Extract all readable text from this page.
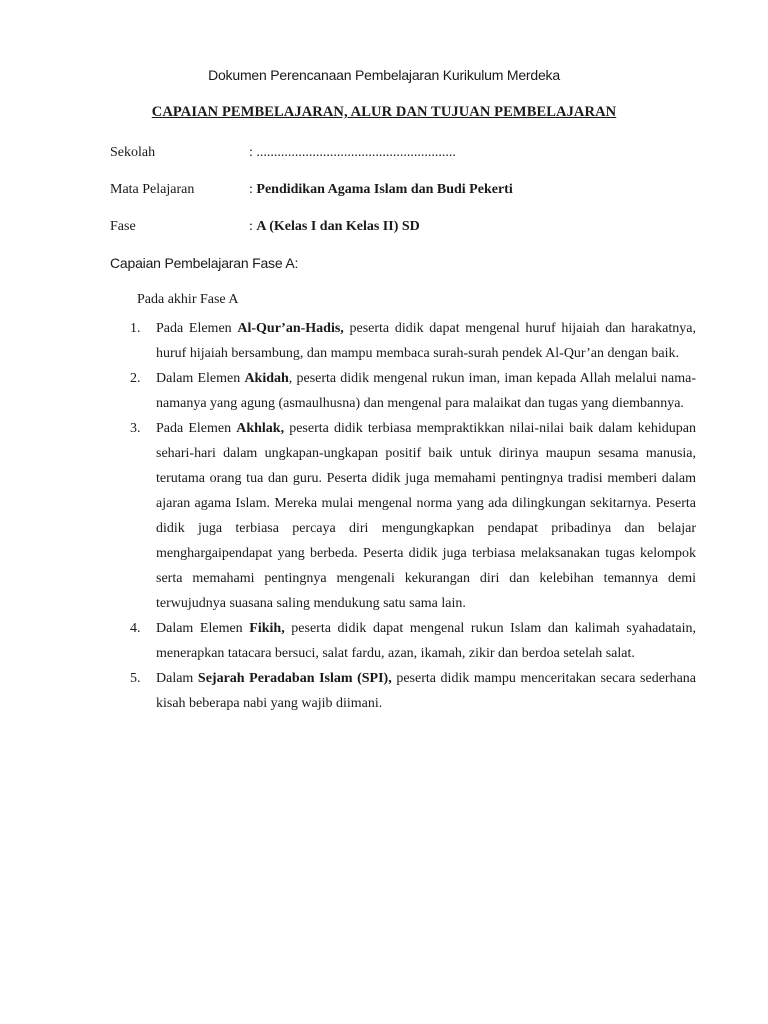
Dokumen Perencanaan Pembelajaran Kurikulum Merdeka
CAPAIAN PEMBELAJARAN, ALUR DAN TUJUAN PEMBELAJARAN
Sekolah	: .........................................................
Mata Pelajaran	: Pendidikan Agama Islam dan Budi Pekerti
Fase	: A (Kelas I dan Kelas II) SD
Capaian Pembelajaran Fase A:
Pada akhir Fase A
1. Pada Elemen Al-Qur’an-Hadis, peserta didik dapat mengenal huruf hijaiah dan harakatnya, huruf hijaiah bersambung, dan mampu membaca surah-surah pendek Al-Qur’an dengan baik.
2. Dalam Elemen Akidah, peserta didik mengenal rukun iman, iman kepada Allah melalui nama-namanya yang agung (asmaulhusna) dan mengenal para malaikat dan tugas yang diembannya.
3. Pada Elemen Akhlak, peserta didik terbiasa mempraktikkan nilai-nilai baik dalam kehidupan sehari-hari dalam ungkapan-ungkapan positif baik untuk dirinya maupun sesama manusia, terutama orang tua dan guru. Peserta didik juga memahami pentingnya tradisi memberi dalam ajaran agama Islam. Mereka mulai mengenal norma yang ada dilingkungan sekitarnya. Peserta didik juga terbiasa percaya diri mengungkapkan pendapat pribadinya dan belajar menghargaipendapat yang berbeda. Peserta didik juga terbiasa melaksanakan tugas kelompok serta memahami pentingnya mengenali kekurangan diri dan kelebihan temannya demi terwujudnya suasana saling mendukung satu sama lain.
4. Dalam Elemen Fikih, peserta didik dapat mengenal rukun Islam dan kalimah syahadatain, menerapkan tatacara bersuci, salat fardu, azan, ikamah, zikir dan berdoa setelah salat.
5. Dalam Sejarah Peradaban Islam (SPI), peserta didik mampu menceritakan secara sederhana kisah beberapa nabi yang wajib diimani.
